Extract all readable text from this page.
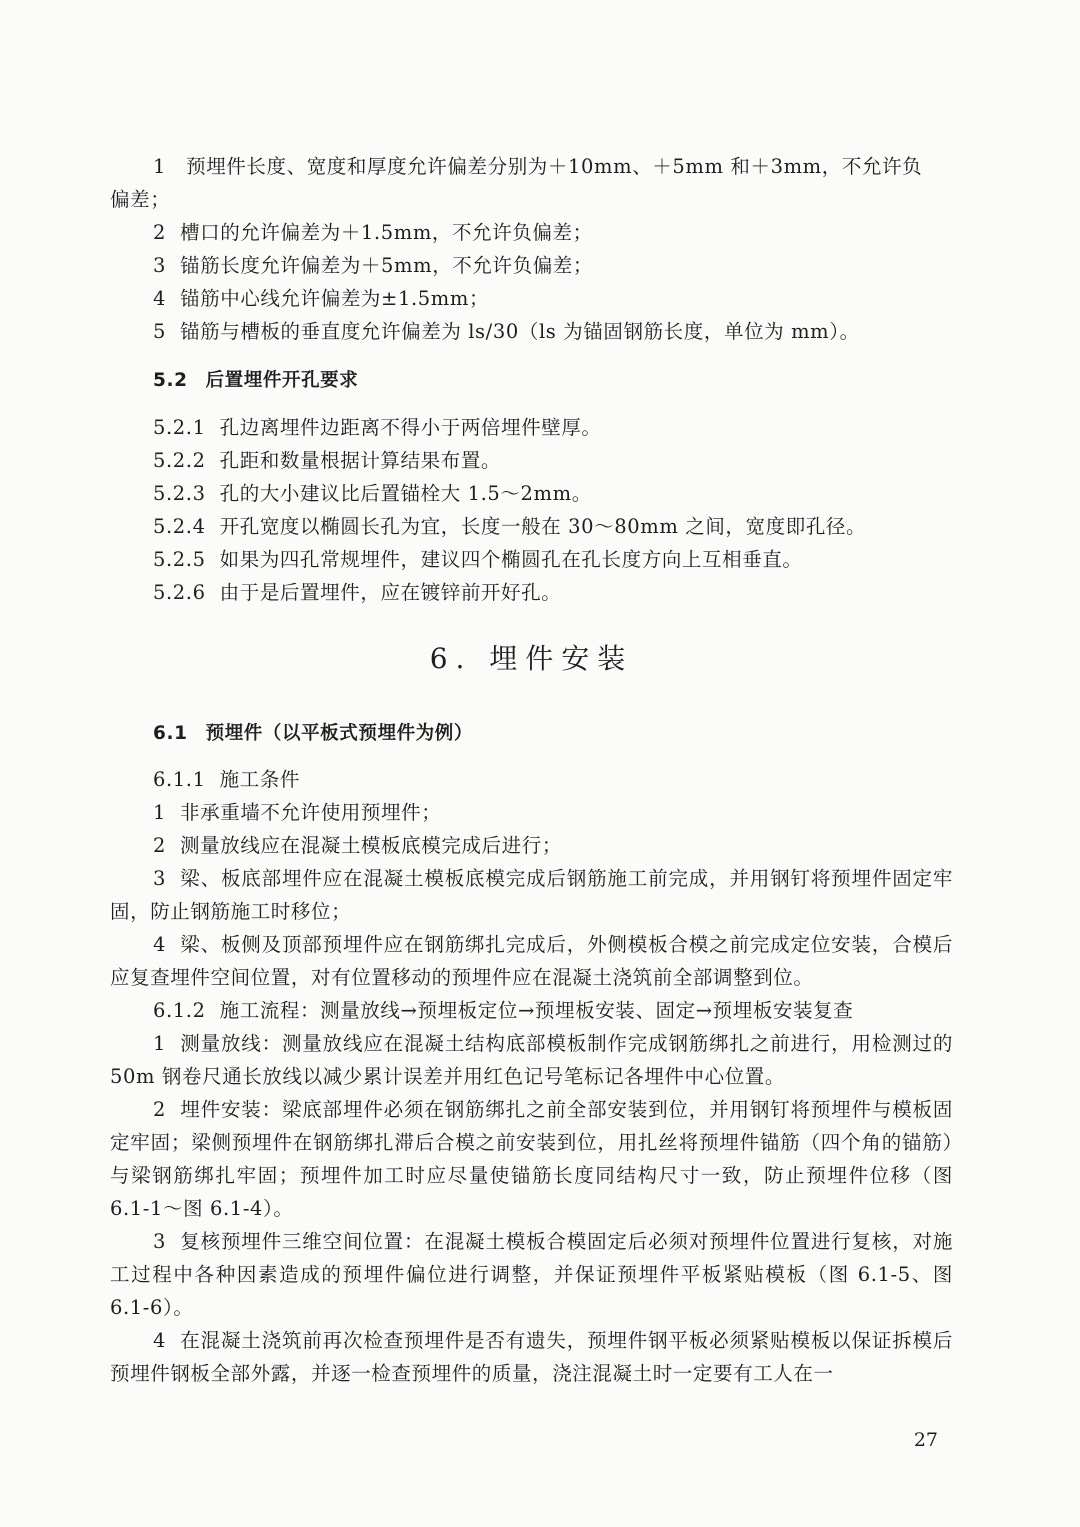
1　预埋件长度、宽度和厚度允许偏差分别为＋10mm、＋5mm 和＋3mm，不允许负

偏差；

2 槽口的允许偏差为＋1.5mm，不允许负偏差；

3 锚筋长度允许偏差为＋5mm，不允许负偏差；

4 锚筋中心线允许偏差为±1.5mm；

5 锚筋与槽板的垂直度允许偏差为 ls/30（ls 为锚固钢筋长度，单位为 mm）。

5.2 后置埋件开孔要求

5.2.1 孔边离埋件边距离不得小于两倍埋件壁厚。

5.2.2 孔距和数量根据计算结果布置。

5.2.3 孔的大小建议比后置锚栓大 1.5～2mm。

5.2.4 开孔宽度以椭圆长孔为宜，长度一般在 30～80mm 之间，宽度即孔径。

5.2.5 如果为四孔常规埋件，建议四个椭圆孔在孔长度方向上互相垂直。

5.2.6 由于是后置埋件，应在镀锌前开好孔。

6. 埋件安装

6.1 预埋件（以平板式预埋件为例）

6.1.1 施工条件

1 非承重墙不允许使用预埋件；

2 测量放线应在混凝土模板底模完成后进行；

3 梁、板底部埋件应在混凝土模板底模完成后钢筋施工前完成，并用钢钉将预埋件固定牢固，防止钢筋施工时移位；

4 梁、板侧及顶部预埋件应在钢筋绑扎完成后，外侧模板合模之前完成定位安装，合模后应复查埋件空间位置，对有位置移动的预埋件应在混凝土浇筑前全部调整到位。

6.1.2 施工流程：测量放线→预埋板定位→预埋板安装、固定→预埋板安装复查

1 测量放线：测量放线应在混凝土结构底部模板制作完成钢筋绑扎之前进行，用检测过的 50m 钢卷尺通长放线以减少累计误差并用红色记号笔标记各埋件中心位置。

2 埋件安装：梁底部埋件必须在钢筋绑扎之前全部安装到位，并用钢钉将预埋件与模板固定牢固；梁侧预埋件在钢筋绑扎滞后合模之前安装到位，用扎丝将预埋件锚筋（四个角的锚筋）与梁钢筋绑扎牢固；预埋件加工时应尽量使锚筋长度同结构尺寸一致，防止预埋件位移（图 6.1-1～图 6.1-4）。

3 复核预埋件三维空间位置：在混凝土模板合模固定后必须对预埋件位置进行复核，对施工过程中各种因素造成的预埋件偏位进行调整，并保证预埋件平板紧贴模板（图 6.1-5、图 6.1-6）。

4 在混凝土浇筑前再次检查预埋件是否有遗失，预埋件钢平板必须紧贴模板以保证拆模后预埋件钢板全部外露，并逐一检查预埋件的质量，浇注混凝土时一定要有工人在一

27
